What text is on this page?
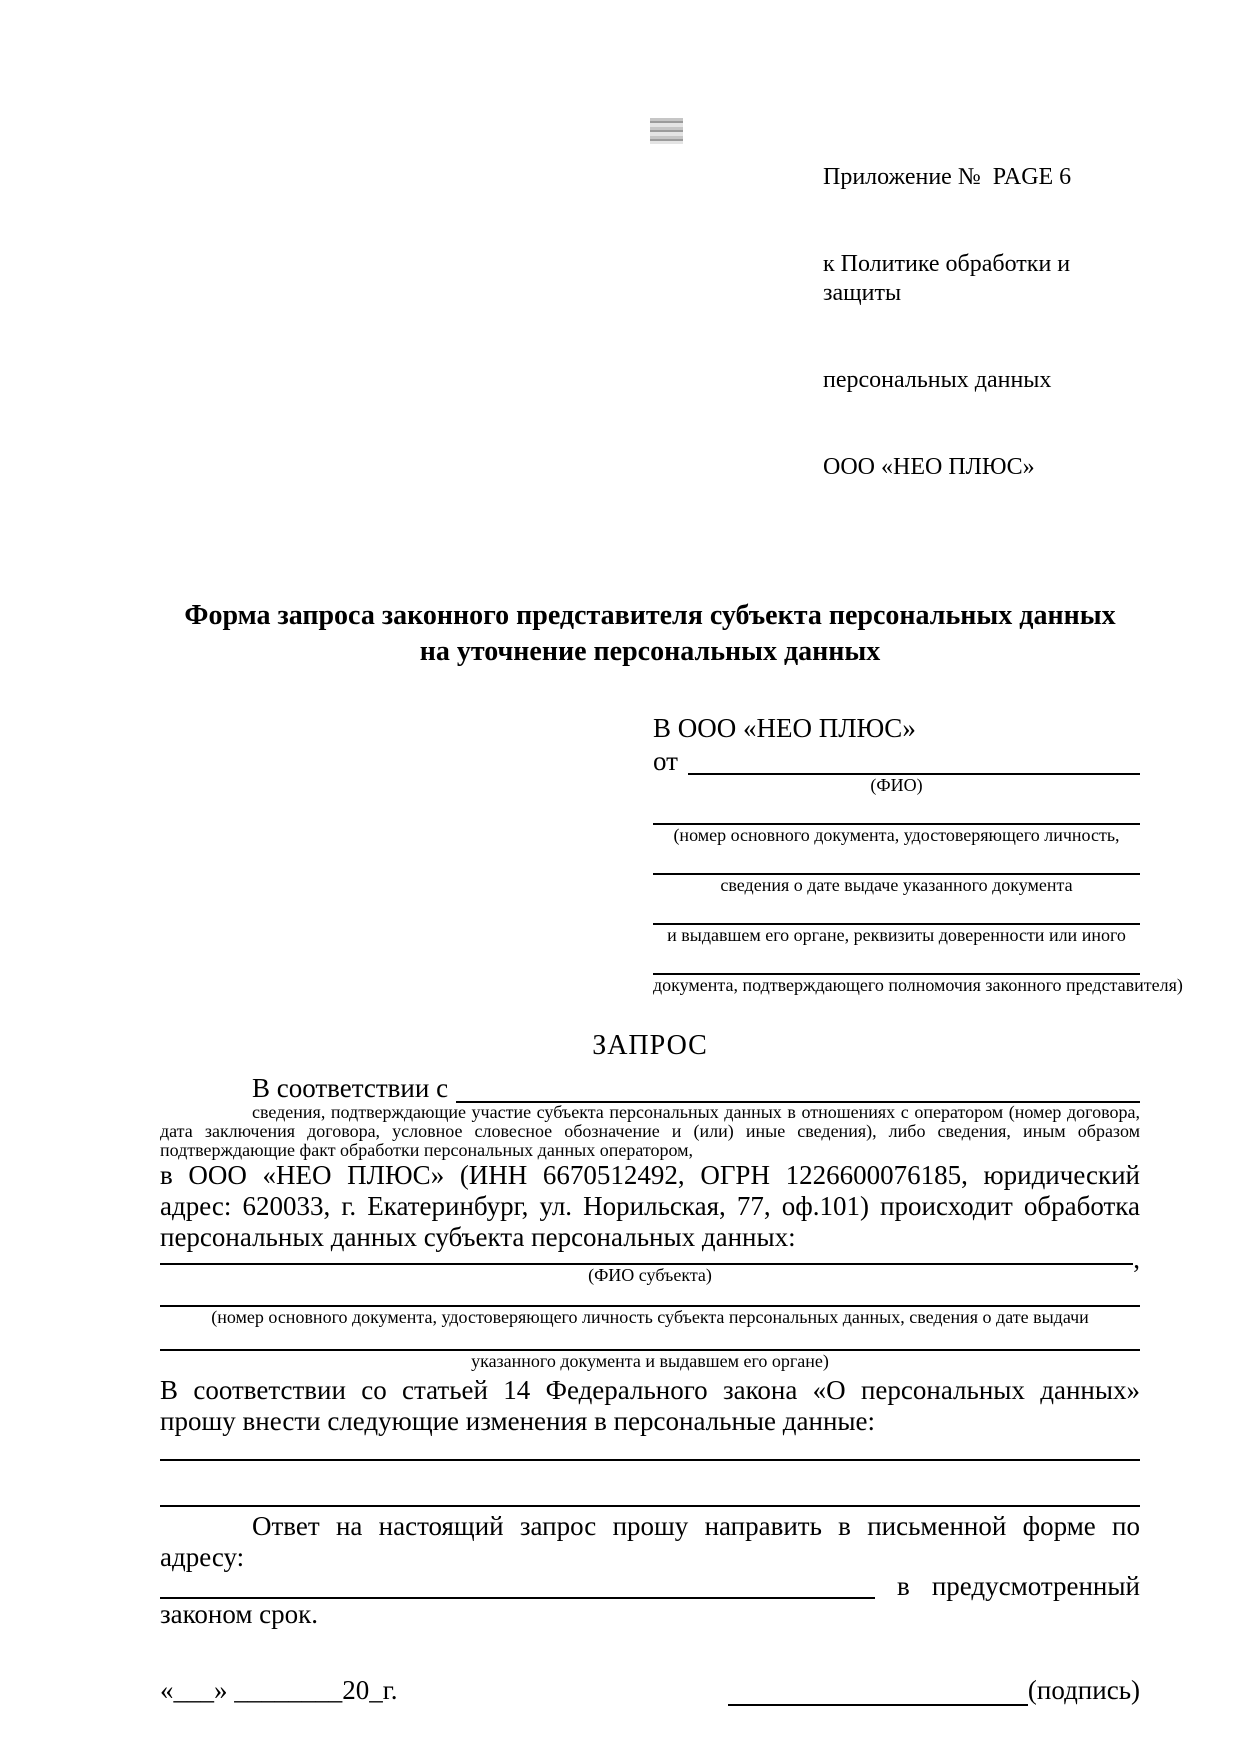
Приложение №  PAGE 6

к Политике обработки и защиты

персональных данных

ООО «НЕО ПЛЮС»

Форма запроса законного представителя субъекта персональных данных
на уточнение персональных данных
В ООО «НЕО ПЛЮС»
от
(ФИО)
(номер основного документа, удостоверяющего личность,
сведения о дате выдаче указанного документа
и выдавшем его органе, реквизиты доверенности или иного
документа, подтверждающего полномочия законного представителя)
ЗАПРОС
В соответствии с
сведения, подтверждающие участие субъекта персональных данных в отношениях с оператором (номер договора, дата заключения договора, условное словесное обозначение и (или) иные сведения), либо сведения, иным образом подтверждающие факт обработки персональных данных оператором,
в ООО «НЕО ПЛЮС» (ИНН 6670512492, ОГРН 1226600076185, юридический адрес: 620033, г. Екатеринбург, ул. Норильская, 77, оф.101) происходит обработка персональных данных субъекта персональных данных:
,
(ФИО субъекта)
(номер основного документа, удостоверяющего личность субъекта персональных данных, сведения о дате выдачи
указанного документа и выдавшем его органе)
В соответствии со статьей 14 Федерального закона «О персональных данных» прошу внести следующие изменения в персональные данные:
Ответ на настоящий запрос прошу направить в письменной форме по адресу:
в предусмотренный
законом срок.
«___» ________20_г.	(подпись)
